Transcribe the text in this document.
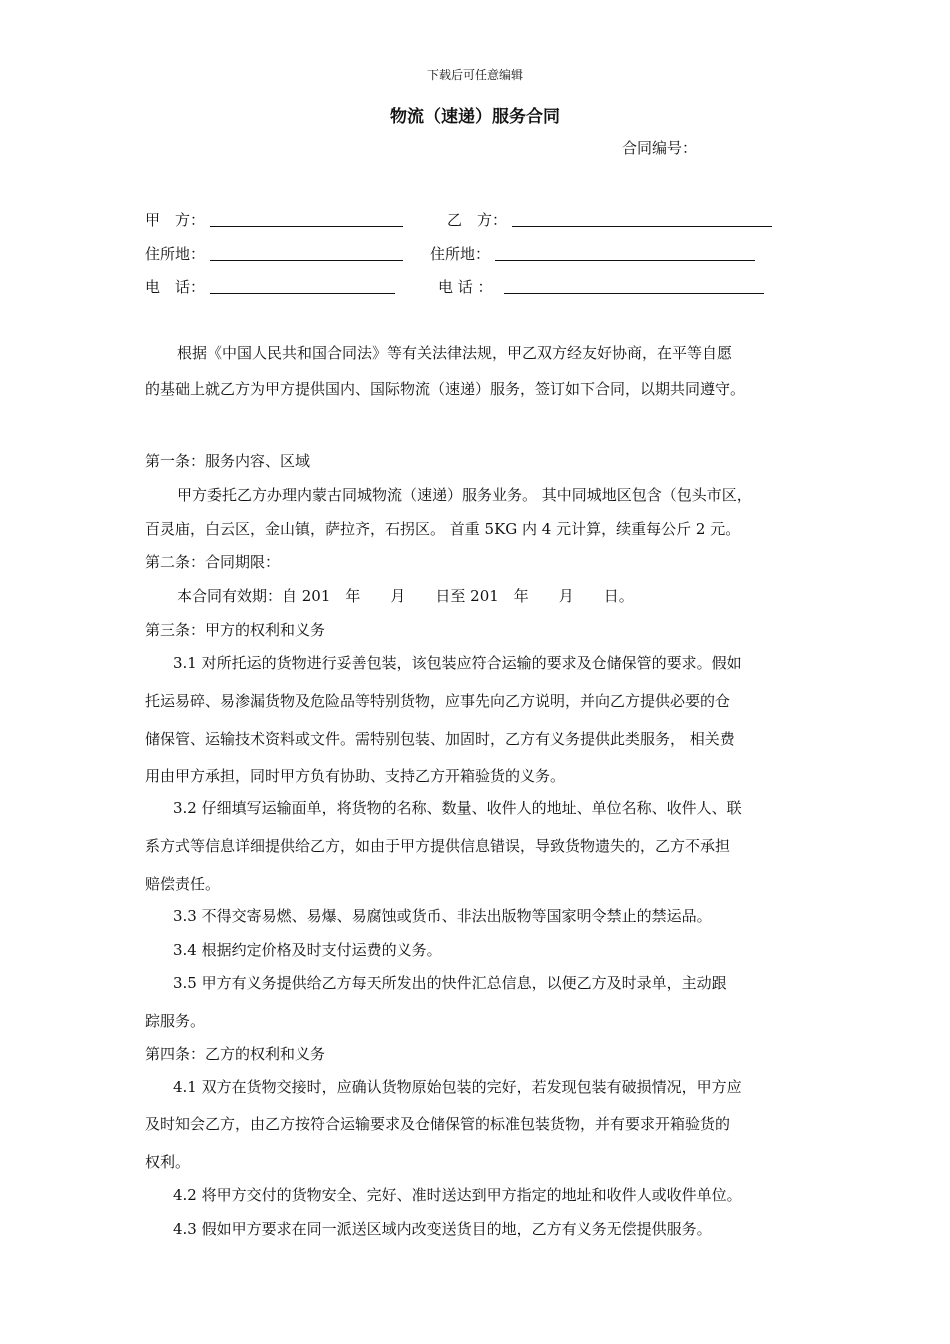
下载后可任意编辑
物流（速递）服务合同
合同编号：
甲　方：	乙　方：
住所地：	住所地：
电　话：	电 话 ：
根据《中国人民共和国合同法》等有关法律法规，甲乙双方经友好协商，在平等自愿
的基础上就乙方为甲方提供国内、国际物流（速递）服务，签订如下合同，以期共同遵守。
第一条：服务内容、区域
甲方委托乙方办理内蒙古同城物流（速递）服务业务。 其中同城地区包含（包头市区，
百灵庙，白云区，金山镇，萨拉齐，石拐区。 首重 5KG 内 4 元计算，续重每公斤 2 元。
第二条：合同期限：
本合同有效期：自 201　年　　月　　日至 201　年　　月　　日。
第三条：甲方的权利和义务
3.1 对所托运的货物进行妥善包装，该包装应符合运输的要求及仓储保管的要求。假如
托运易碎、易渗漏货物及危险品等特别货物，应事先向乙方说明，并向乙方提供必要的仓
储保管、运输技术资料或文件。需特别包装、加固时，乙方有义务提供此类服务， 相关费
用由甲方承担，同时甲方负有协助、支持乙方开箱验货的义务。
3.2 仔细填写运输面单，将货物的名称、数量、收件人的地址、单位名称、收件人、联
系方式等信息详细提供给乙方，如由于甲方提供信息错误，导致货物遗失的，乙方不承担
赔偿责任。
3.3 不得交寄易燃、易爆、易腐蚀或货币、非法出版物等国家明令禁止的禁运品。
3.4 根据约定价格及时支付运费的义务。
3.5 甲方有义务提供给乙方每天所发出的快件汇总信息，以便乙方及时录单，主动跟
踪服务。
第四条：乙方的权利和义务
4.1 双方在货物交接时，应确认货物原始包装的完好，若发现包装有破损情况，甲方应
及时知会乙方，由乙方按符合运输要求及仓储保管的标准包装货物，并有要求开箱验货的
权利。
4.2 将甲方交付的货物安全、完好、准时送达到甲方指定的地址和收件人或收件单位。
4.3 假如甲方要求在同一派送区域内改变送货目的地，乙方有义务无偿提供服务。
